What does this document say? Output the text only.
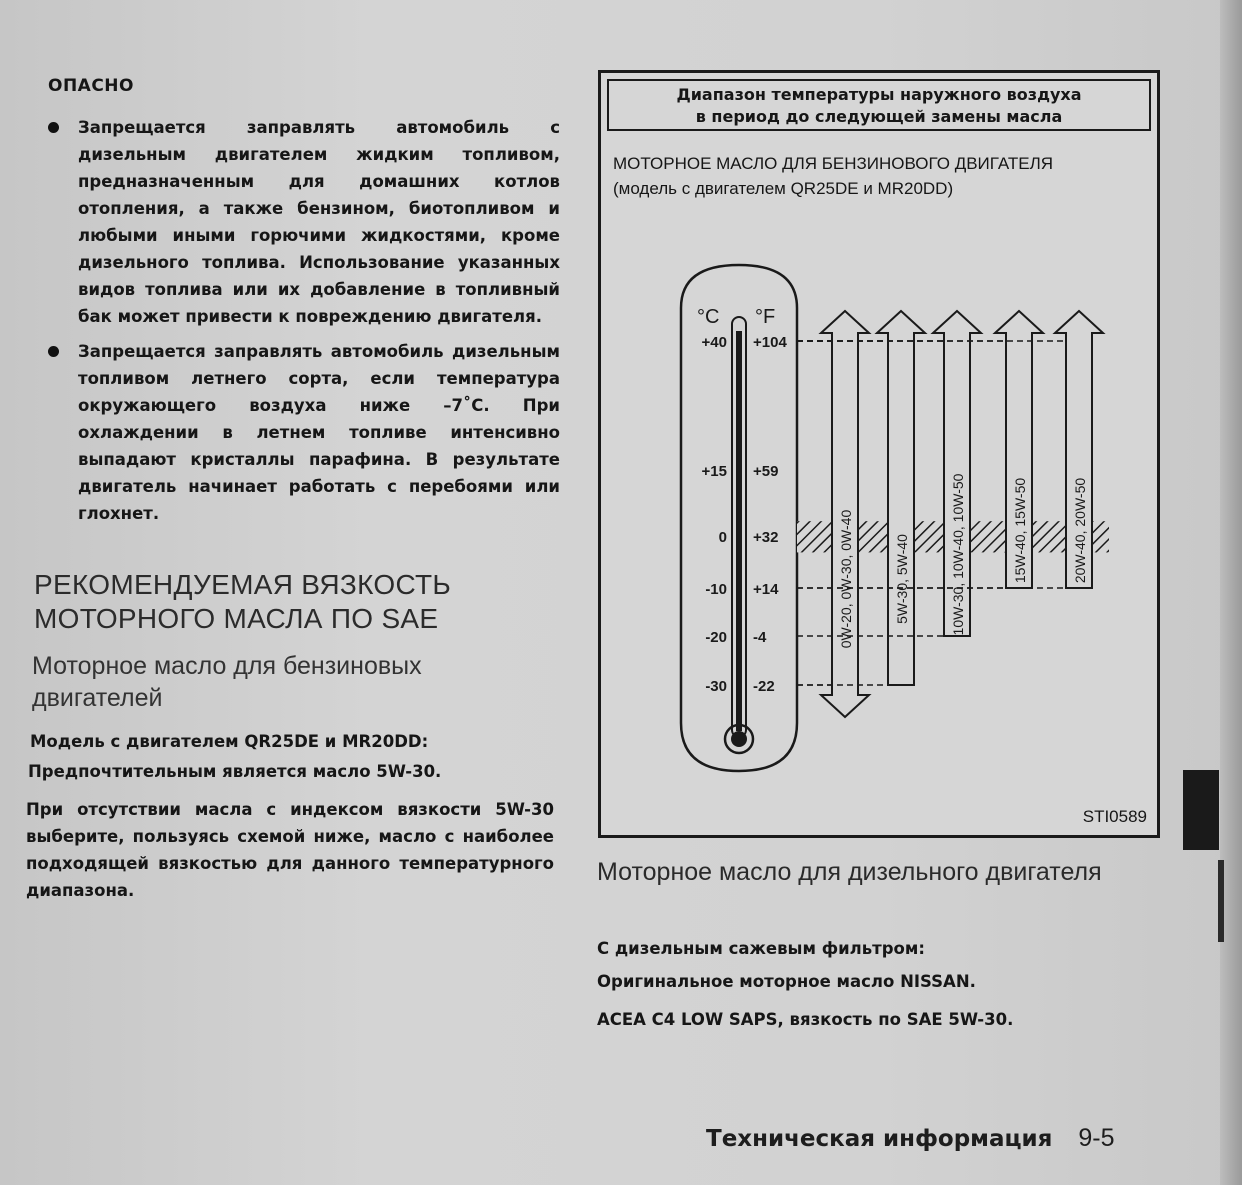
ОПАСНО
Запрещается заправлять автомобиль с дизельным двигателем жидким топливом, предназначенным для домашних котлов отопления, а также бензином, биотопливом и любыми иными горючими жидкостями, кроме дизельного топлива. Использование указанных видов топлива или их добавление в топливный бак может привести к повреждению двигателя.
Запрещается заправлять автомобиль дизельным топливом летнего сорта, если температура окружающего воздуха ниже –7˚C. При охлаждении в летнем топливе интенсивно выпадают кристаллы парафина. В результате двигатель начинает работать с перебоями или глохнет.
РЕКОМЕНДУЕМАЯ ВЯЗКОСТЬ МОТОРНОГО МАСЛА ПО SAE
Моторное масло для бензиновых двигателей
Модель с двигателем QR25DE и MR20DD:
Предпочтительным является масло 5W-30.
При отсутствии масла с индексом вязкости 5W-30 выберите, пользуясь схемой ниже, масло с наиболее подходящей вязкостью для данного температурного диапазона.
Диапазон температуры наружного воздуха
в период до следующей замены масла
МОТОРНОЕ МАСЛО ДЛЯ БЕНЗИНОВОГО ДВИГАТЕЛЯ (модель с двигателем QR25DE и MR20DD)
°C °F
+40 +104
+15 +59
0 +32
-10 +14
-20 -4
-30 -22
0W-20, 0W-30, 0W-40	5W-30, 5W-40	10W-30, 10W-40, 10W-50	15W-40, 15W-50	20W-40, 20W-50
STI0589
Моторное масло для дизельного двигателя
С дизельным сажевым фильтром:
Оригинальное моторное масло NISSAN.
ACEA C4 LOW SAPS, вязкость по SAE 5W-30.
Техническая информация 9-5
